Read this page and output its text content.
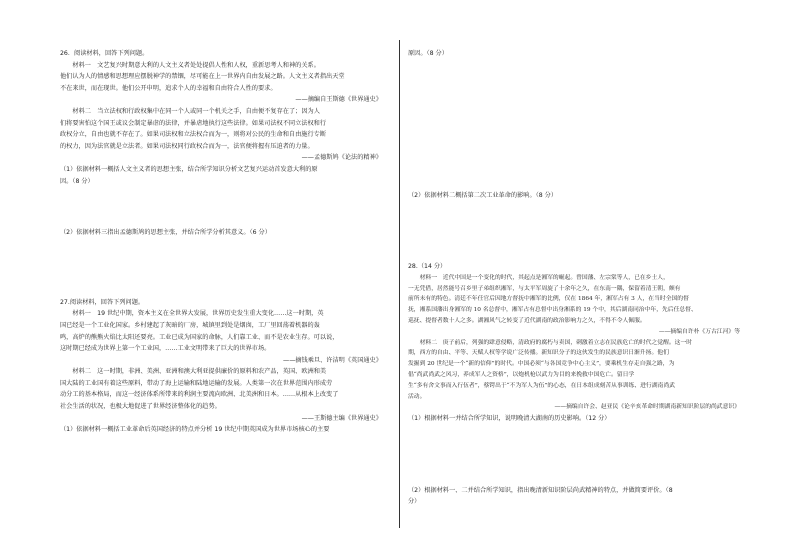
26．阅读材料，回答下列问题。

材料一　文艺复兴时期意大利的人文主义者处处提倡人性和人权，重新思考人和神的关系。

他们认为人的情感和思想理应摆脱神学的禁锢，尽可能在上一世界内自由发展之路。人文主义者指出天堂

不在来世，而在现世。他们公开申明，追求个人的幸福和自由符合人性的要求。

——摘编自王斯德《世界通史》

材料二　当立法权和行政权集中在同一个人或同一个机关之手，自由便不复存在了；因为人

们将要害怕这个国王或议会制定暴虐的法律，并暴虐地执行这些法律。如果司法权不同立法权和行

政权分立，自由也就不存在了。如果司法权和立法权合而为一，则将对公民的生命和自由施行专断

的权力，因为法官就是立法者。如果司法权同行政权合而为一，法官便将握有压迫者的力量。

——孟德斯鸠《论法的精神》

（1）依据材料一概括人文主义者的思想主张，结合所学知识分析文艺复兴运动首发意大利的原

因。（8 分）

（2）依据材料三指出孟德斯鸠的思想主张，并结合所学分析其意义。（6 分）

27.阅读材料，回答下列问题。

材料一　19 世纪中期，资本主义在全世界大发展，世界历史发生重大变化……这一时期，英

国已经是一个工业化国家。乡村建起了灰暗的厂房，城镇里到处是烟囱，工厂里回荡着机器的轰

鸣，高炉的熊熊火焰比太阳还要亮。工业已成为国家的命脉，人们靠工业、而不是农业生存。可以说，

这时期已经成为世界上第一个工业国，……工业文明带来了巨大的世界市场。

——摘钱乘旦、许洁明《英国通史》

材料二　这一时期，非洲、美洲、亚洲和澳大利亚提供廉价的原料和农产品，英国、欧洲和美

国大陆的工业国有着这些原料，带动了海上运输和陆地运输的发展。人类第一次在世界范围内形成劳

动分工的基本格局，而这一经济体系所带来的利润主要流向欧洲、北美洲和日本。……从根本上改变了

社会生活的状况，也极大地促进了世界经济整体化的趋势。

——王斯德主编《世界通史》

（1）依据材料一概括工业革命后英国经济的特点并分析 19 世纪中期英国成为世界市场核心的主要

原因。（8 分）

（2）依据材料二概括第二次工业革命的影响。（8 分）

28.（14 分）

材料一　近代中国是一个变化的时代，其起点是湘军的崛起。曾国藩、左宗棠等人，已在乡士人，

一无凭借，居然能号召乡里子弟组织湘军，与太平军周旋了十余年之久，在东南一隅，保留着清王朝，颇有

前所未有的特色。清廷不年任官后因地方督抚中湘军的比例，仅在 1864 年，湘军占有 3 人，在当时全国的督

抚，湘系国藩出身湘军的 10 名总督中，湘军占有总督中出身湘系的 19 个中，其后湖南同治中年，先后任总督、

巡抚、提督者数十人之多。湖湘风气之转变了近代湖南的政治影响力之久，不得不令人佩服。

——摘编自许朴《万古江河》等

材料二　庚子前后，列强的肆意侵略，清政府的腐朽与卖国，刺激着立志在民族危亡的时代之觉醒。这一时

期，西方的自由、平等、天赋人权等学说广泛传播。新知识分子的这伙发生的民族意识日渐升扬。他们

发掘到 20 世纪是一个“新的信仰”的时代。中国必须“与各国竞争中心主义”，要乘机生存走自强之路，为

倡“尚武尚武之风习，养成军人之资格”，以炮机枪以武力为目的来挽救中国危亡。留日学

生“多有舍文事而入行伍者”，蔡锷出于“不为军人为伍”的心态，在日本组成刻苦从事训练、进行湖南尚武

活动。

——摘编自许会、赵亚民《论辛亥革命时期湖南新知识阶层的尚武意识》

（1）根据材料一并结合所学知识，说明晚清大湖南的历史影响。（12 分）

（2）根据材料一、二并结合所学知识，指出晚清新知识阶层尚武精神的特点，并做简要评价。（8

分）
